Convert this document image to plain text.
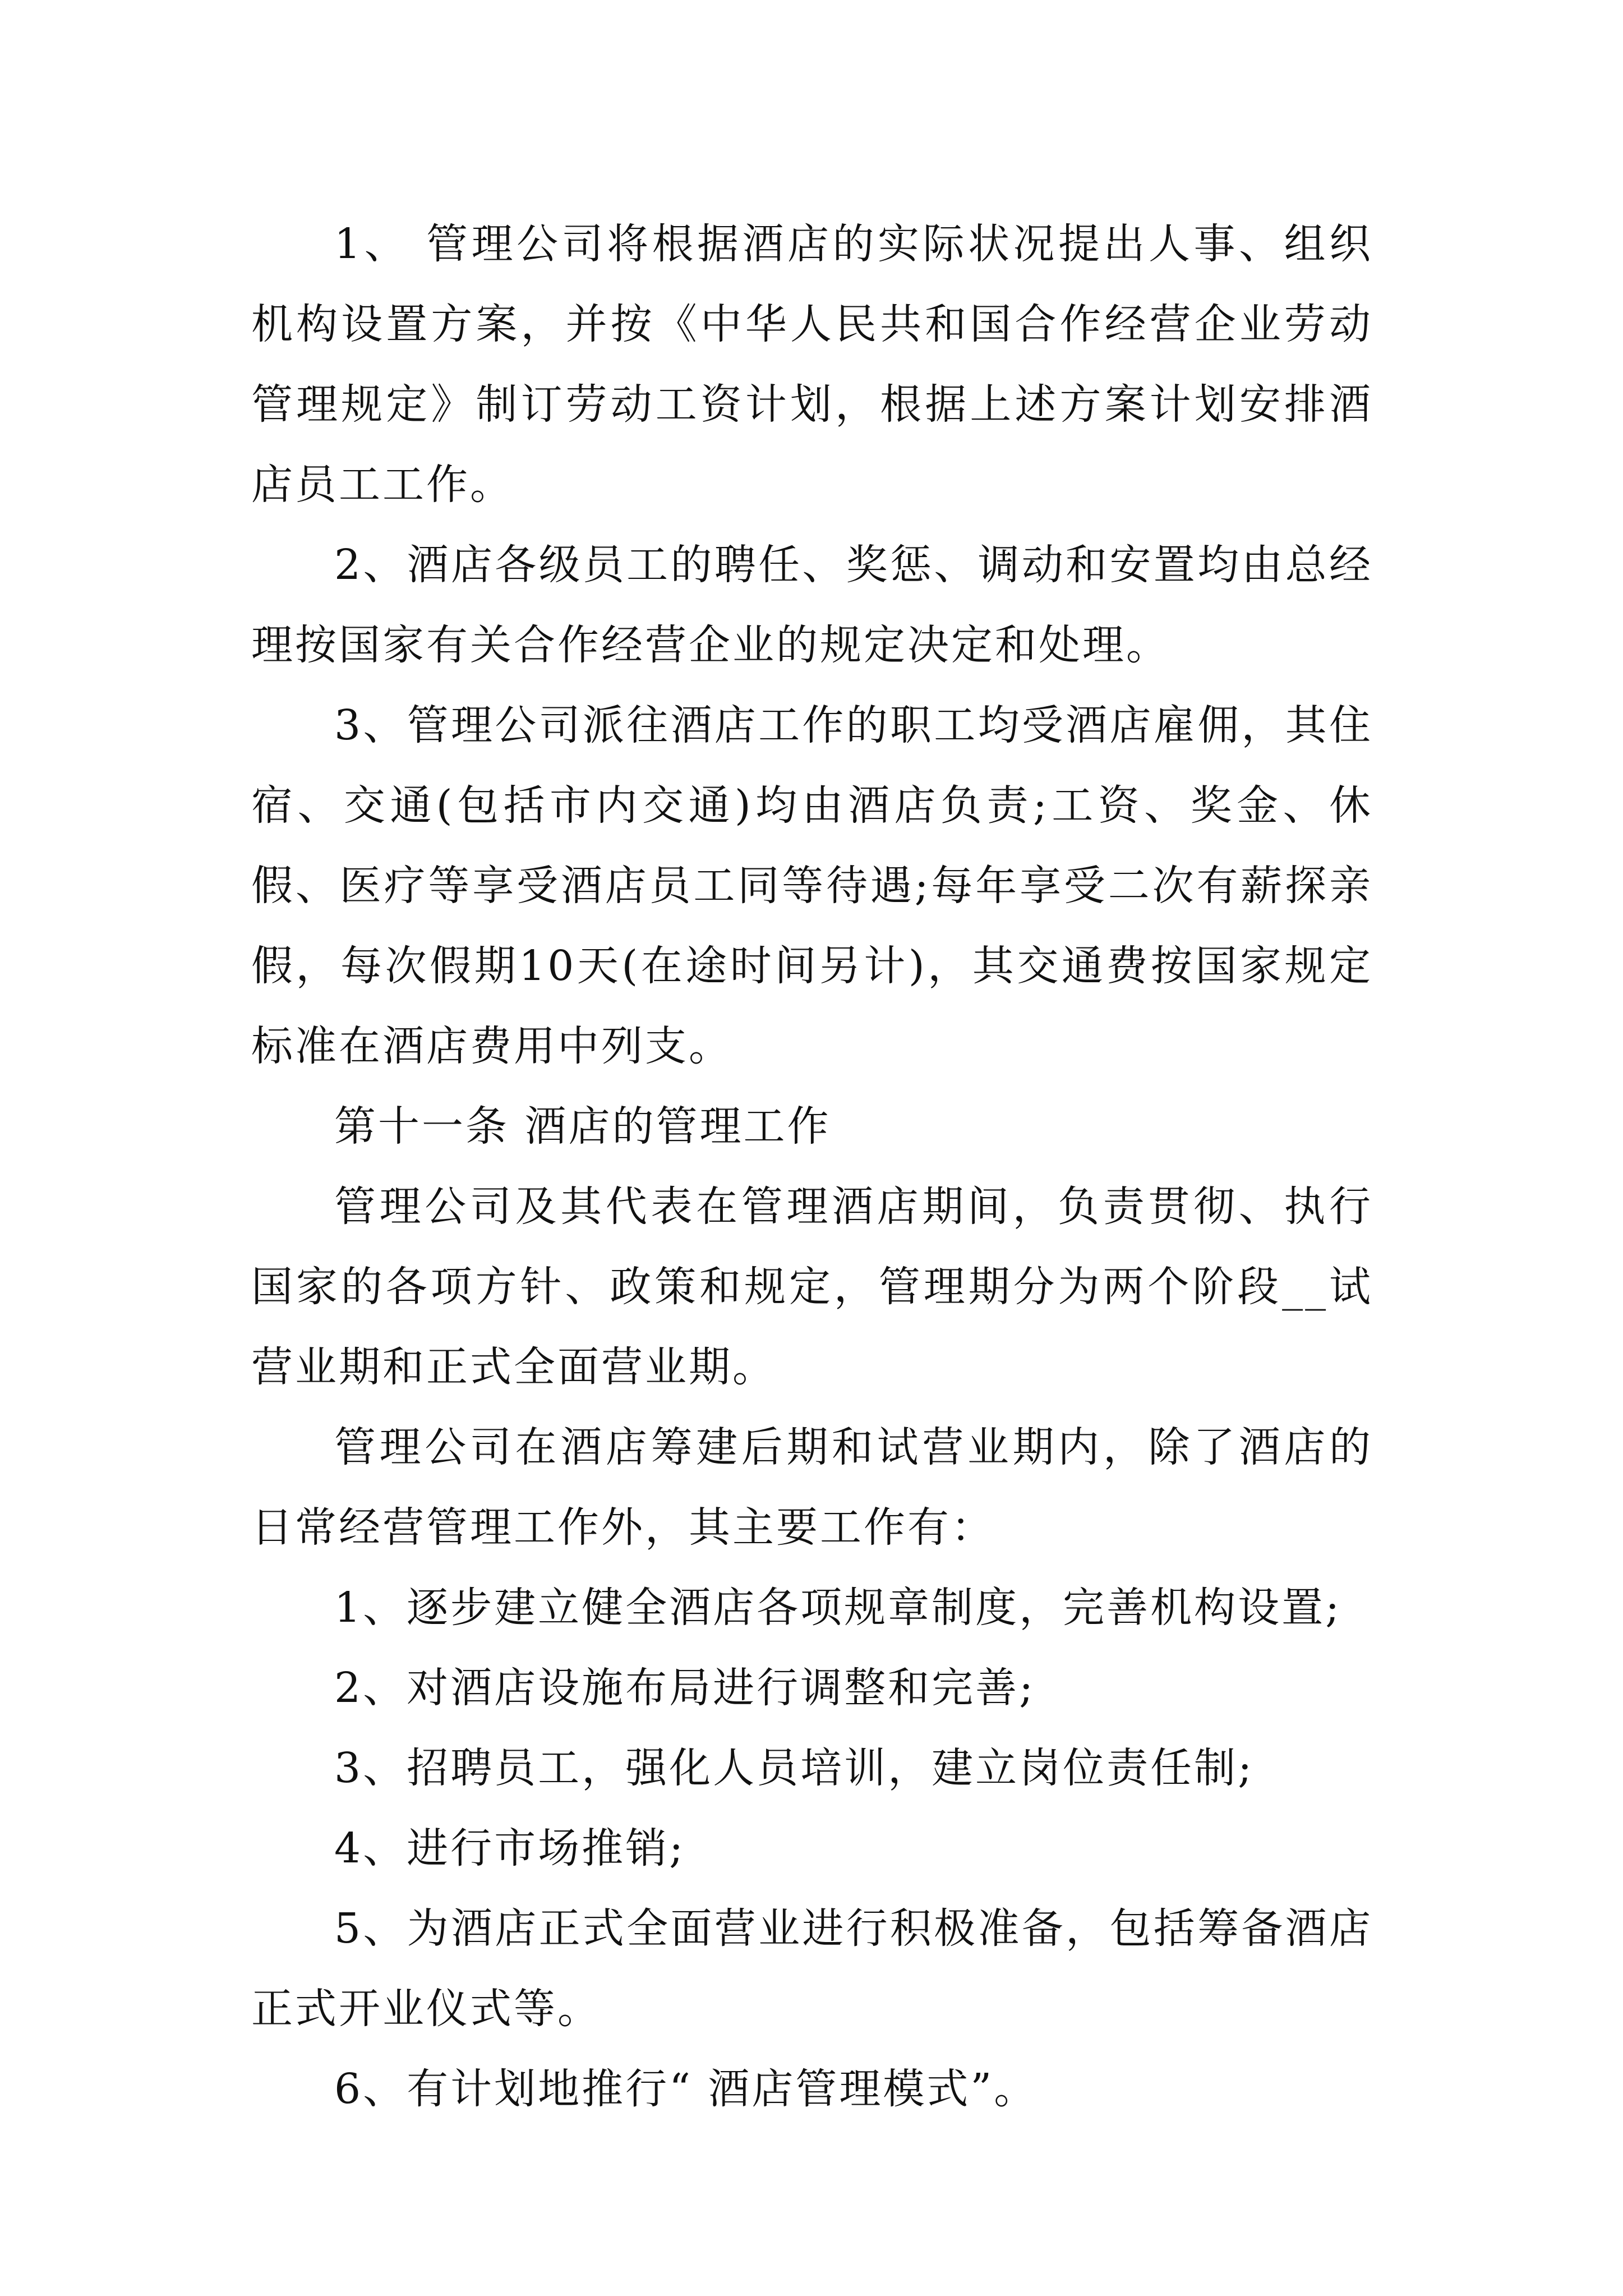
1、 管理公司将根据酒店的实际状况提出人事、组织机构设置方案，并按《中华人民共和国合作经营企业劳动管理规定》制订劳动工资计划，根据上述方案计划安排酒店员工工作。

2、酒店各级员工的聘任、奖惩、调动和安置均由总经理按国家有关合作经营企业的规定决定和处理。

3、管理公司派往酒店工作的职工均受酒店雇佣，其住宿、交通(包括市内交通)均由酒店负责;工资、奖金、休假、医疗等享受酒店员工同等待遇;每年享受二次有薪探亲假，每次假期10天(在途时间另计)，其交通费按国家规定标准在酒店费用中列支。

第十一条 酒店的管理工作

管理公司及其代表在管理酒店期间，负责贯彻、执行国家的各项方针、政策和规定，管理期分为两个阶段__试营业期和正式全面营业期。

管理公司在酒店筹建后期和试营业期内，除了酒店的日常经营管理工作外，其主要工作有：

1、逐步建立健全酒店各项规章制度，完善机构设置;

2、对酒店设施布局进行调整和完善;

3、招聘员工，强化人员培训，建立岗位责任制;

4、进行市场推销;

5、为酒店正式全面营业进行积极准备，包括筹备酒店正式开业仪式等。

6、有计划地推行“ 酒店管理模式”。
